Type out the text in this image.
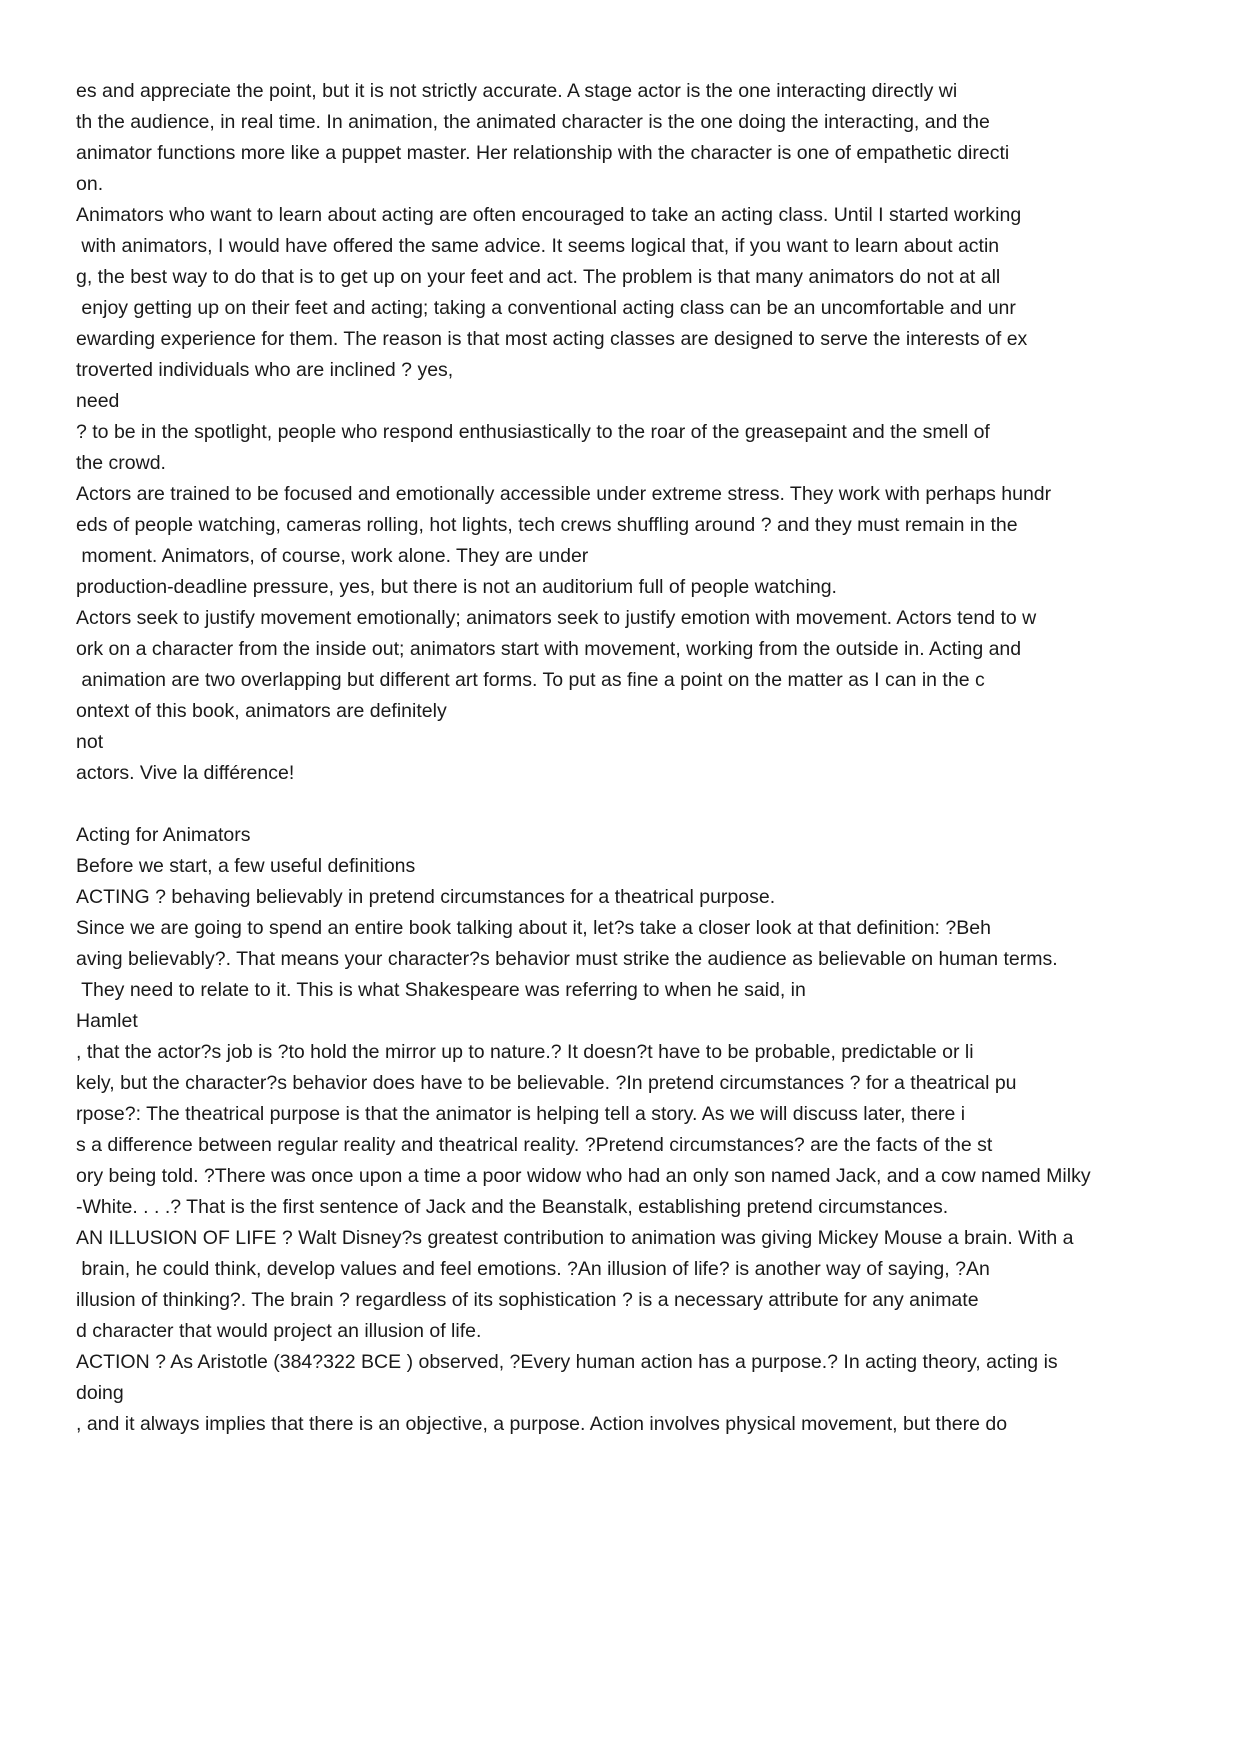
es and appreciate the point, but it is not strictly accurate. A stage actor is the one interacting directly wi
th the audience, in real time. In animation, the animated character is the one doing the interacting, and the
animator functions more like a puppet master. Her relationship with the character is one of empathetic directi
on.
Animators who want to learn about acting are often encouraged to take an acting class. Until I started working
with animators, I would have offered the same advice. It seems logical that, if you want to learn about actin
g, the best way to do that is to get up on your feet and act. The problem is that many animators do not at all
enjoy getting up on their feet and acting; taking a conventional acting class can be an uncomfortable and unr
ewarding experience for them. The reason is that most acting classes are designed to serve the interests of ex
troverted individuals who are inclined ? yes,
need
? to be in the spotlight, people who respond enthusiastically to the roar of the greasepaint and the smell of
the crowd.
Actors are trained to be focused and emotionally accessible under extreme stress. They work with perhaps hundr
eds of people watching, cameras rolling, hot lights, tech crews shuffling around ? and they must remain in the
moment. Animators, of course, work alone. They are under
production-deadline pressure, yes, but there is not an auditorium full of people watching.
Actors seek to justify movement emotionally; animators seek to justify emotion with movement. Actors tend to w
ork on a character from the inside out; animators start with movement, working from the outside in. Acting and
animation are two overlapping but different art forms. To put as fine a point on the matter as I can in the c
ontext of this book, animators are definitely
not
actors. Vive la différence!
Acting for Animators
Before we start, a few useful definitions
ACTING ? behaving believably in pretend circumstances for a theatrical purpose.
Since we are going to spend an entire book talking about it, let?s take a closer look at that definition: ?Beh
aving believably?. That means your character?s behavior must strike the audience as believable on human terms.
They need to relate to it. This is what Shakespeare was referring to when he said, in
Hamlet
, that the actor?s job is ?to hold the mirror up to nature.? It doesn?t have to be probable, predictable or li
kely, but the character?s behavior does have to be believable. ?In pretend circumstances ? for a theatrical pu
rpose?: The theatrical purpose is that the animator is helping tell a story. As we will discuss later, there i
s a difference between regular reality and theatrical reality. ?Pretend circumstances? are the facts of the st
ory being told. ?There was once upon a time a poor widow who had an only son named Jack, and a cow named Milky
-White. . . .? That is the first sentence of Jack and the Beanstalk, establishing pretend circumstances.
AN ILLUSION OF LIFE ? Walt Disney?s greatest contribution to animation was giving Mickey Mouse a brain. With a
brain, he could think, develop values and feel emotions. ?An illusion of life? is another way of saying, ?An
illusion of thinking?. The brain ? regardless of its sophistication ? is a necessary attribute for any animate
d character that would project an illusion of life.
ACTION ? As Aristotle (384?322 BCE ) observed, ?Every human action has a purpose.? In acting theory, acting is
doing
, and it always implies that there is an objective, a purpose. Action involves physical movement, but there do
